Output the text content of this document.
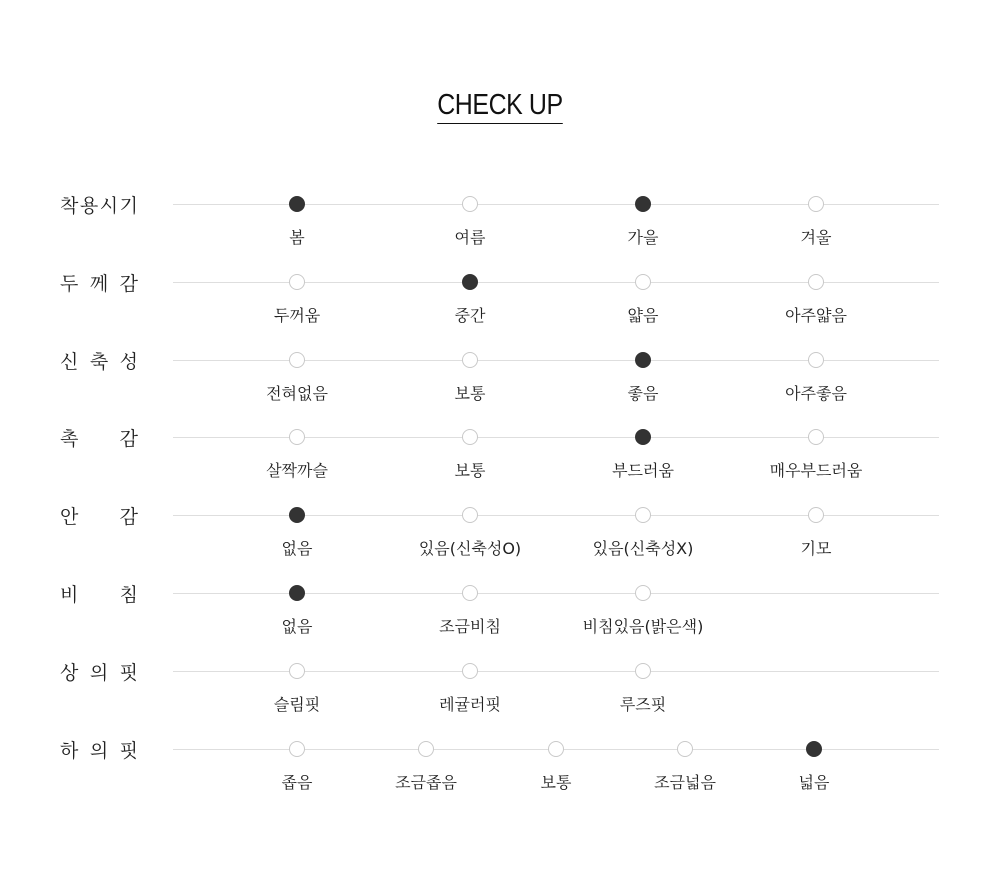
CHECK UP
착 용 시 기
봄	여름	가을	겨울
두 께 감
두꺼움	중간	얇음	아주얇음
신 축 성
전혀없음	보통	좋음	아주좋음
촉 감
살짝까슬	보통	부드러움	매우부드러움
안 감
없음	있음(신축성O)	있음(신축성X)	기모
비 침
없음	조금비침	비침있음(밝은색)
상 의 핏
슬림핏	레귤러핏	루즈핏
하 의 핏
좁음	조금좁음	보통	조금넓음	넓음
